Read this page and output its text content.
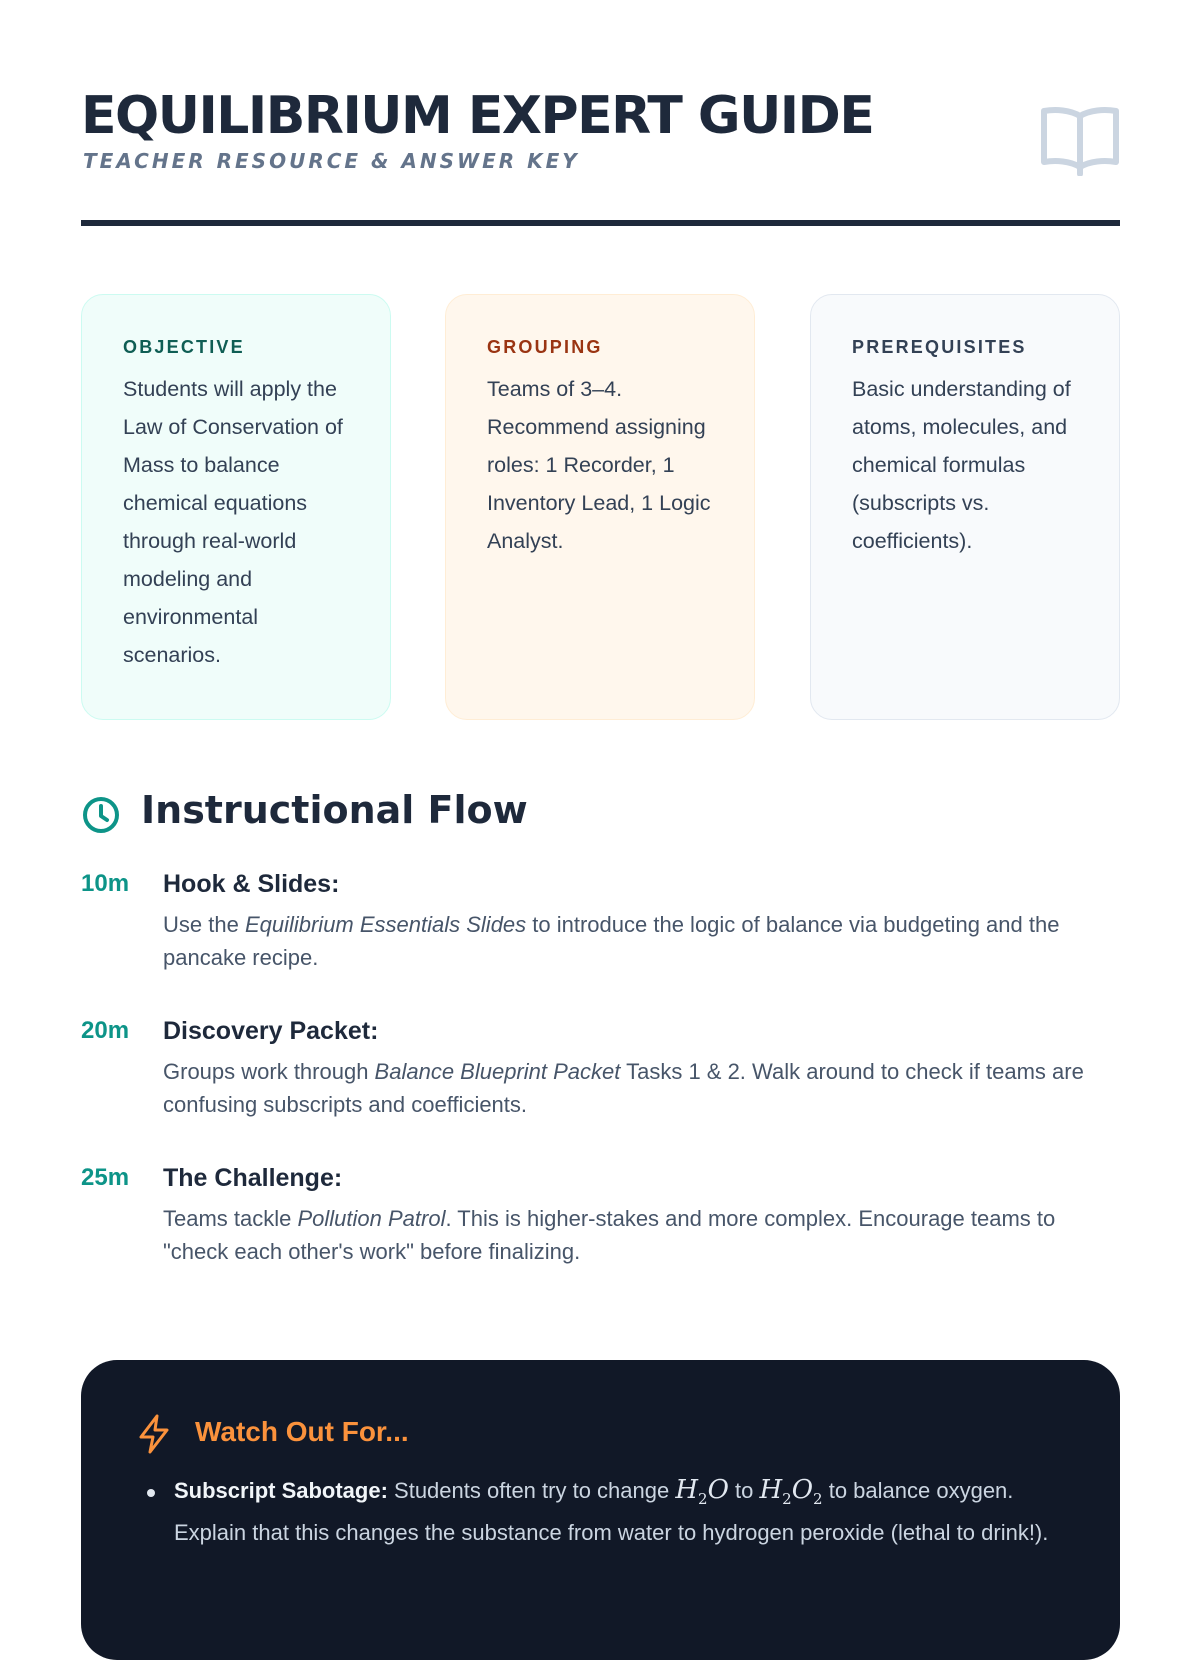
EQUILIBRIUM EXPERT GUIDE
TEACHER RESOURCE & ANSWER KEY

OBJECTIVE

Students will apply the Law of Conservation of Mass to balance chemical equations through real-world modeling and environmental scenarios.

GROUPING

Teams of 3–4. Recommend assigning roles: 1 Recorder, 1 Inventory Lead, 1 Logic Analyst.

PREREQUISITES

Basic understanding of atoms, molecules, and chemical formulas (subscripts vs. coefficients).

Instructional Flow
10m Hook & Slides:
Use the Equilibrium Essentials Slides to introduce the logic of balance via budgeting and the pancake recipe.
20m Discovery Packet:
Groups work through Balance Blueprint Packet Tasks 1 & 2. Walk around to check if teams are confusing subscripts and coefficients.
25m The Challenge:
Teams tackle Pollution Patrol. This is higher-stakes and more complex. Encourage teams to "check each other's work" before finalizing.
Watch Out For...
Subscript Sabotage: Students often try to change $H_2O$ to $H_2O_2$ to balance oxygen. Explain that this changes the substance from water to hydrogen peroxide (lethal to drink!).
